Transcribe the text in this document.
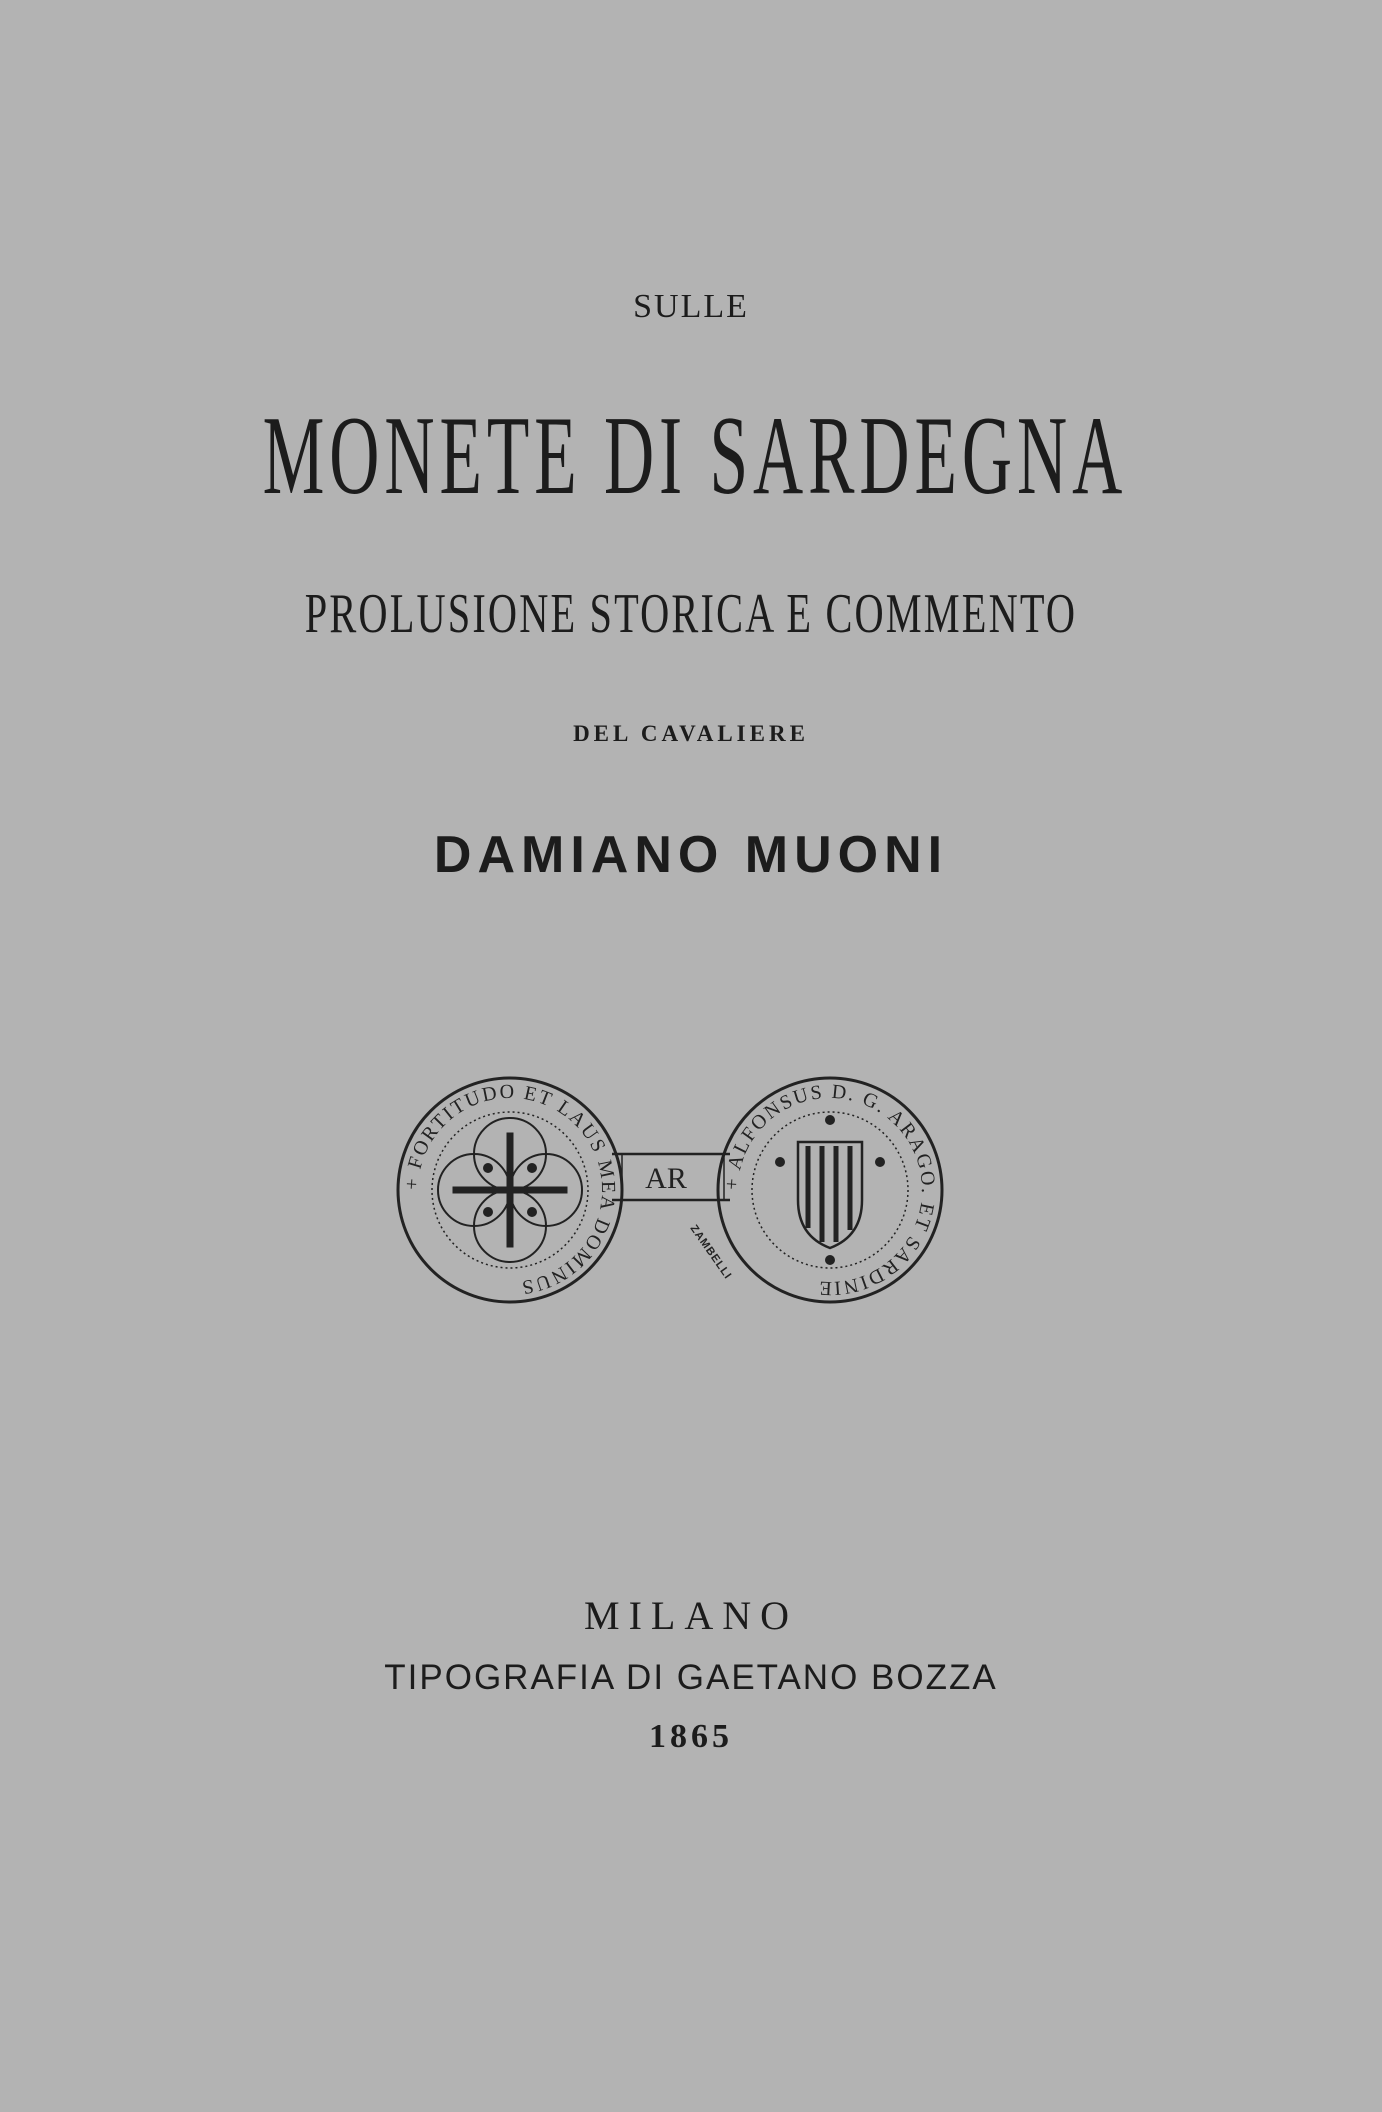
SULLE
MONETE DI SARDEGNA
PROLUSIONE STORICA E COMMENTO
DEL CAVALIERE
DAMIANO MUONI
AR
+ FORTITUDO ET LAUS MEA DOMINUS
+ ALFONSUS D. G. ARAGO. ET SARDINIE
ZAMBELLI
MILANO
TIPOGRAFIA DI GAETANO BOZZA
1865
